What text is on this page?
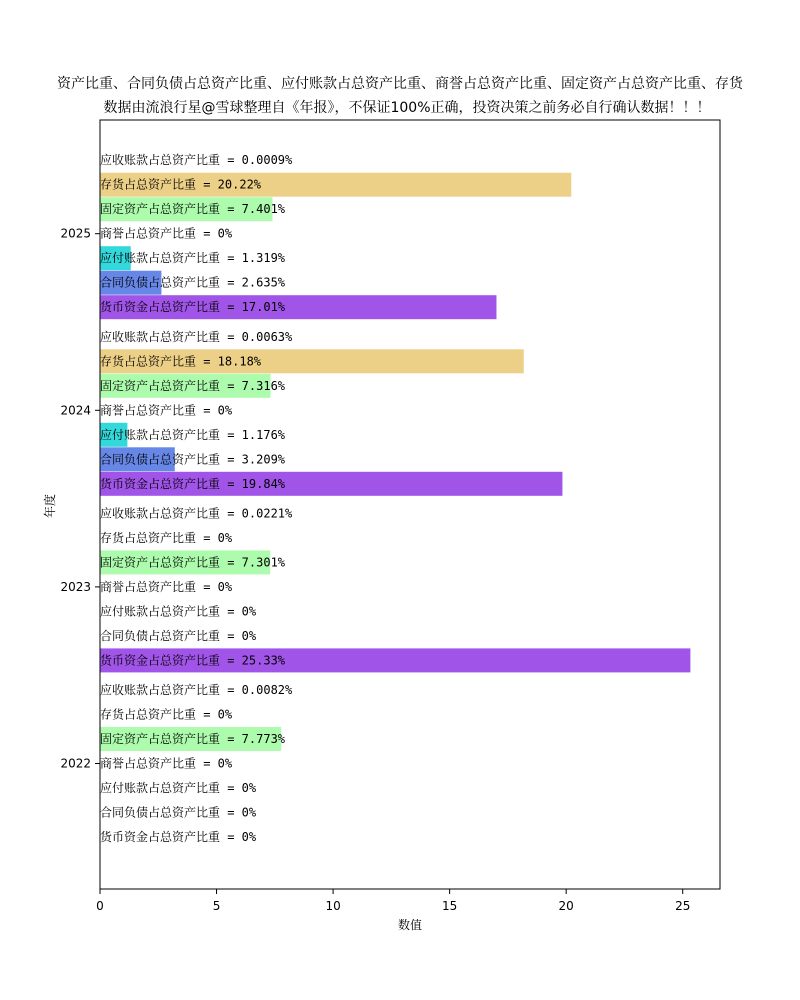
资产比重、合同负债占总资产比重、应付账款占总资产比重、商誉占总资产比重、固定资产占总资产比重、存货
数据由流浪行星@雪球整理自《年报》，不保证100%正确，投资决策之前务必自行确认数据！！！
货币资金占总资产比重 = 0%
合同负债占总资产比重 = 0%
应付账款占总资产比重 = 0%
商誉占总资产比重 = 0%
固定资产占总资产比重 = 7.773%
存货占总资产比重 = 0%
应收账款占总资产比重 = 0.0082%
货币资金占总资产比重 = 25.33%
合同负债占总资产比重 = 0%
应付账款占总资产比重 = 0%
商誉占总资产比重 = 0%
固定资产占总资产比重 = 7.301%
存货占总资产比重 = 0%
应收账款占总资产比重 = 0.0221%
货币资金占总资产比重 = 19.84%
合同负债占总资产比重 = 3.209%
应付账款占总资产比重 = 1.176%
商誉占总资产比重 = 0%
固定资产占总资产比重 = 7.316%
存货占总资产比重 = 18.18%
应收账款占总资产比重 = 0.0063%
货币资金占总资产比重 = 17.01%
合同负债占总资产比重 = 2.635%
应付账款占总资产比重 = 1.319%
商誉占总资产比重 = 0%
固定资产占总资产比重 = 7.401%
存货占总资产比重 = 20.22%
应收账款占总资产比重 = 0.0009%
0	5	10	15	20	25
2022
2023
2024
2025
数值
年度
